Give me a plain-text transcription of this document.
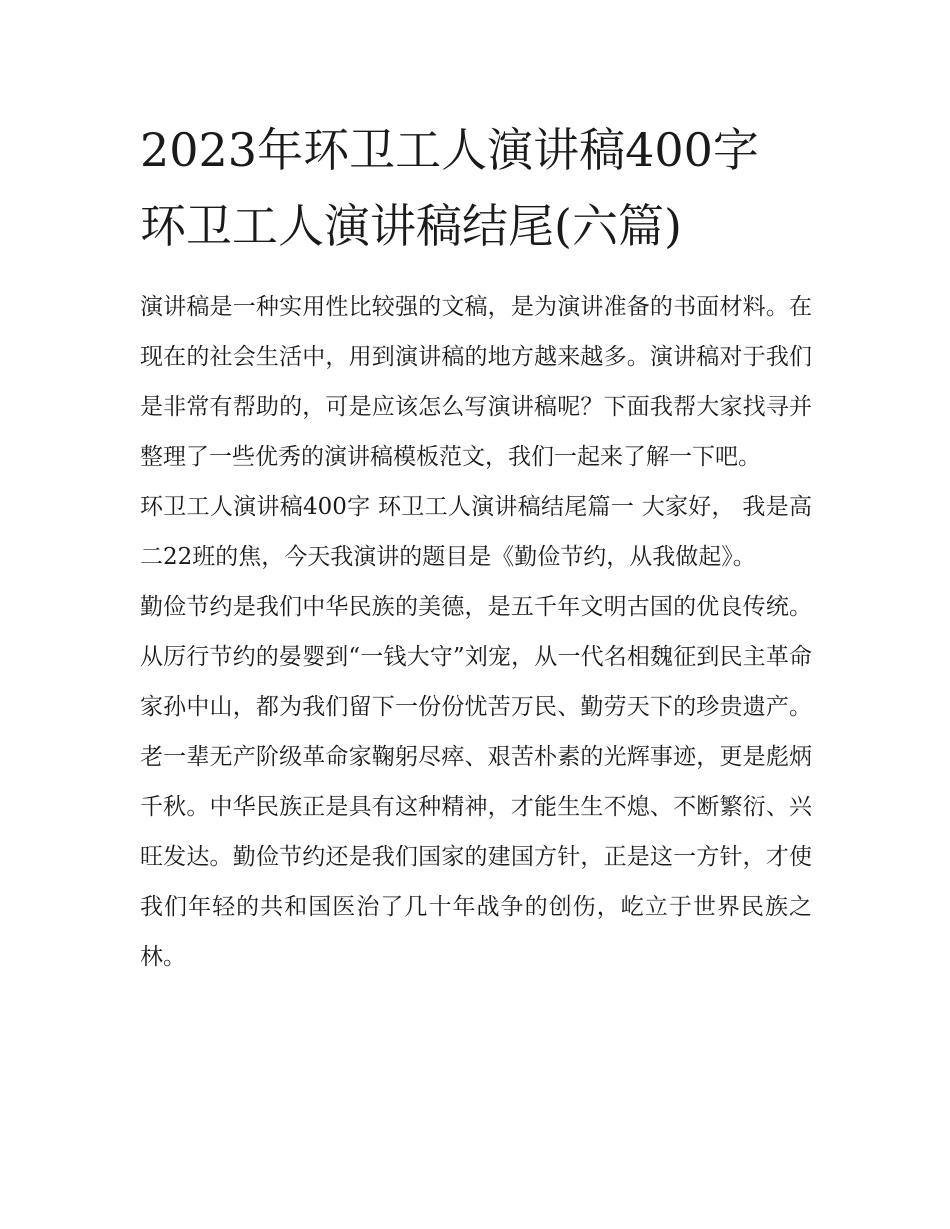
2023年环卫工人演讲稿400字 环卫工人演讲稿结尾(六篇)

演讲稿是一种实用性比较强的文稿，是为演讲准备的书面材料。在现在的社会生活中，用到演讲稿的地方越来越多。演讲稿对于我们是非常有帮助的，可是应该怎么写演讲稿呢？下面我帮大家找寻并整理了一些优秀的演讲稿模板范文，我们一起来了解一下吧。

环卫工人演讲稿400字 环卫工人演讲稿结尾篇一 大家好， 我是高二22班的焦，今天我演讲的题目是《勤俭节约，从我做起》。

勤俭节约是我们中华民族的美德，是五千年文明古国的优良传统。从厉行节约的晏婴到“一钱大守”刘宠，从一代名相魏征到民主革命家孙中山，都为我们留下一份份忧苦万民、勤劳天下的珍贵遗产。老一辈无产阶级革命家鞠躬尽瘁、艰苦朴素的光辉事迹，更是彪炳千秋。中华民族正是具有这种精神，才能生生不熄、不断繁衍、兴旺发达。勤俭节约还是我们国家的建国方针，正是这一方针，才使我们年轻的共和国医治了几十年战争的创伤，屹立于世界民族之林。
